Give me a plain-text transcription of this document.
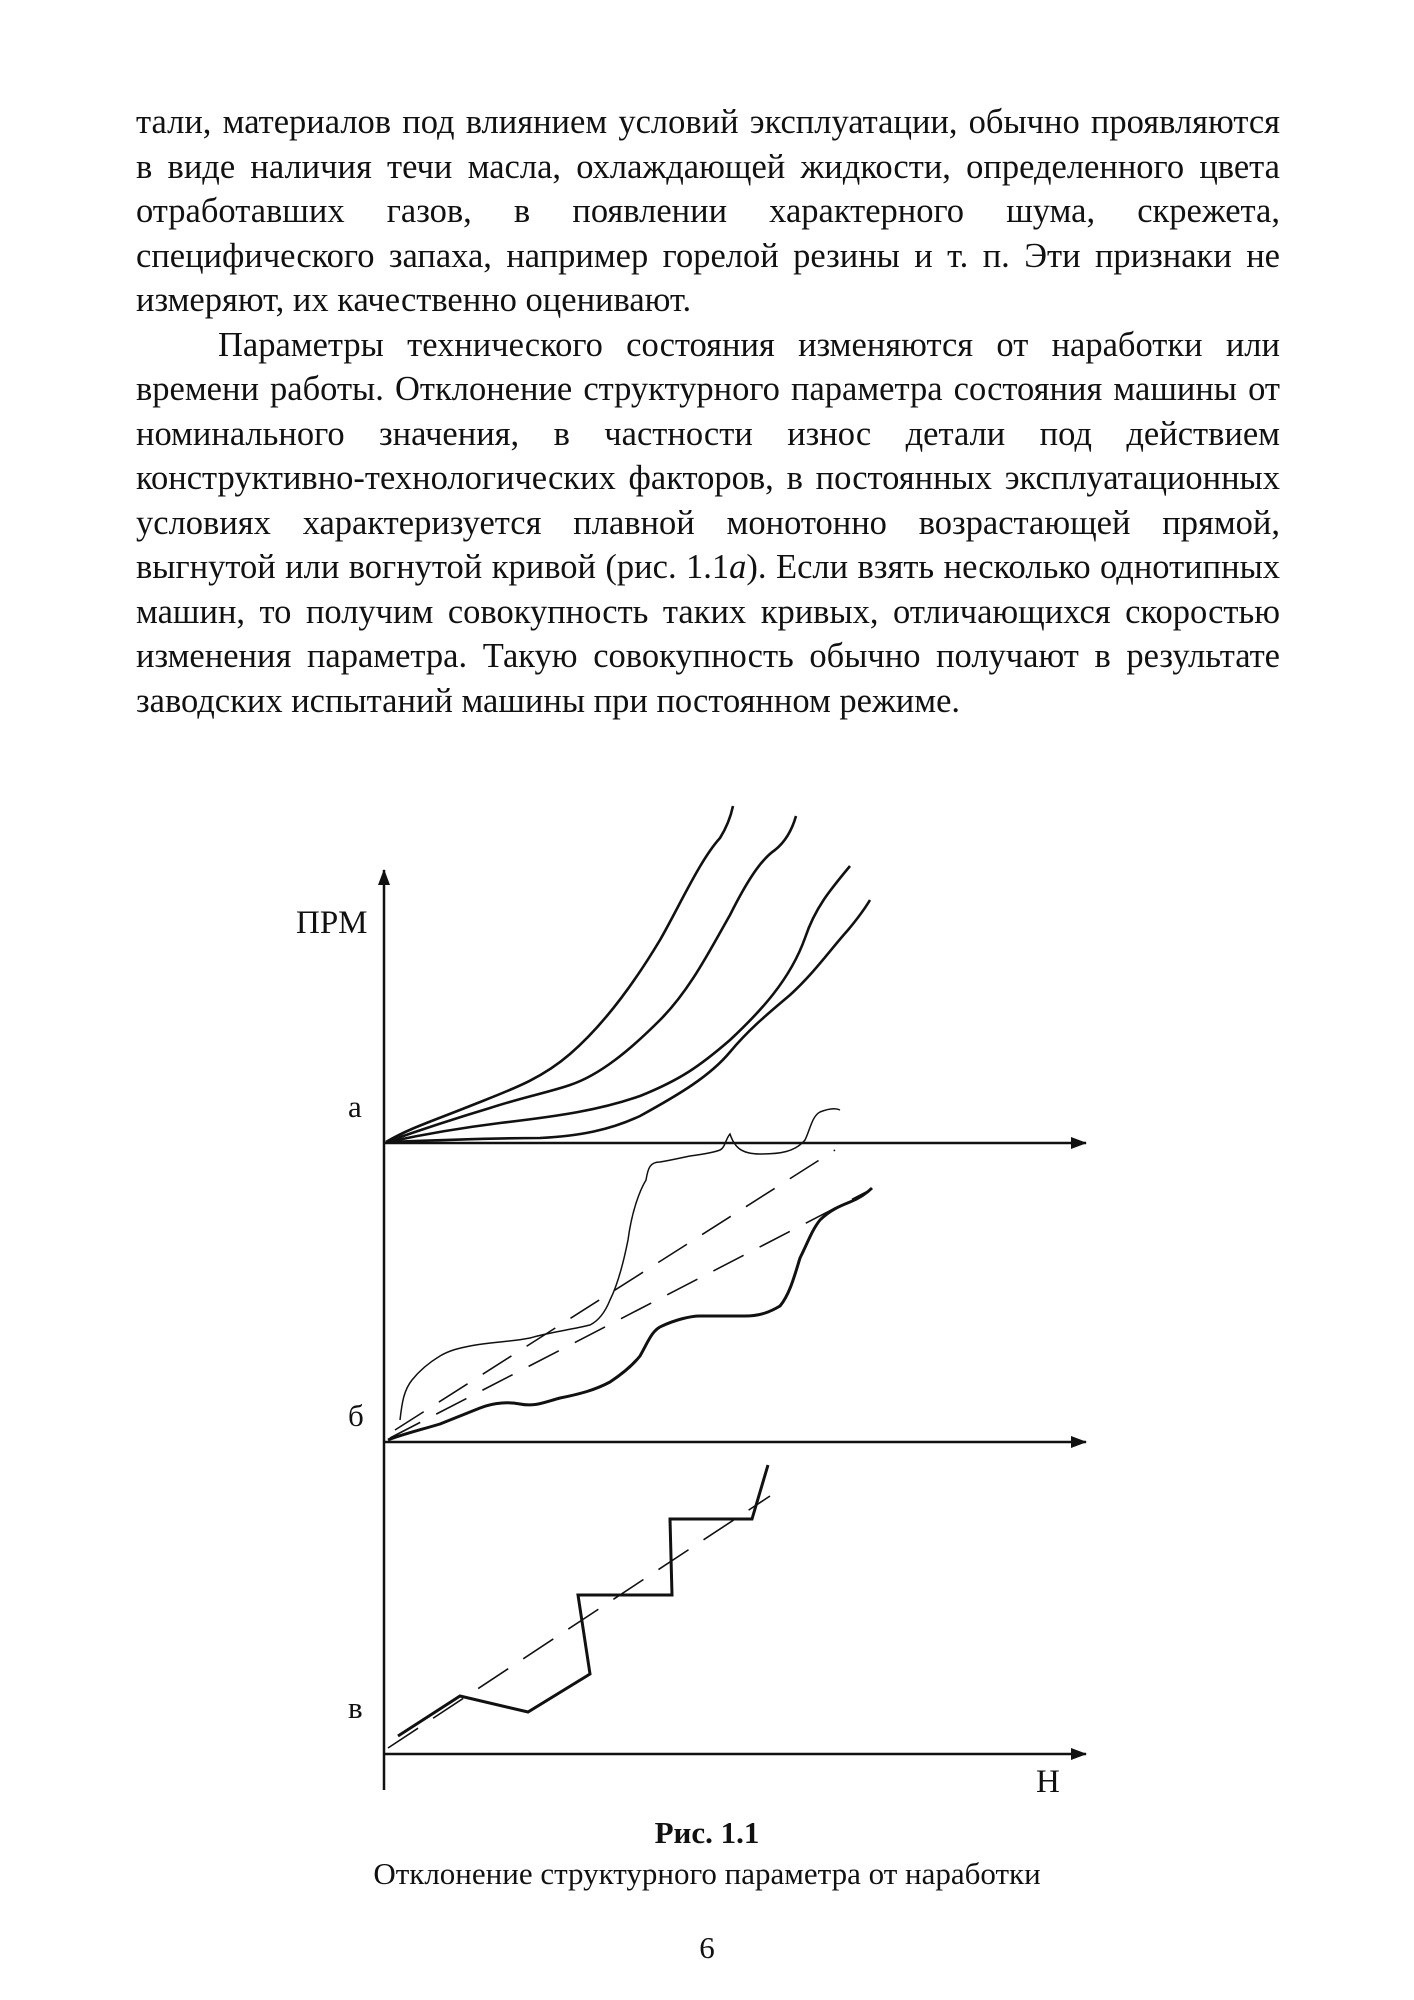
тали, материалов под влиянием условий эксплуатации, обычно проявляются в виде наличия течи масла, охлаждающей жидкости, определенного цвета отработавших газов, в появлении характерного шума, скрежета, специфического запаха, например горелой резины и т. п. Эти признаки не измеряют, их качественно оценивают.

Параметры технического состояния изменяются от наработки или времени работы. Отклонение структурного параметра состояния машины от номинального значения, в частности износ детали под действием конструктивно-технологических факторов, в постоянных эксплуатационных условиях характеризуется плавной монотонно возрастающей прямой, выгнутой или вогнутой кривой (рис. 1.1а). Если взять несколько однотипных машин, то получим совокупность таких кривых, отличающихся скоростью изменения параметра. Такую совокупность обычно получают в результате заводских испытаний машины при постоянном режиме.

ПРМ
Н
а
б
в
Рис. 1.1
Отклонение структурного параметра от наработки
6
